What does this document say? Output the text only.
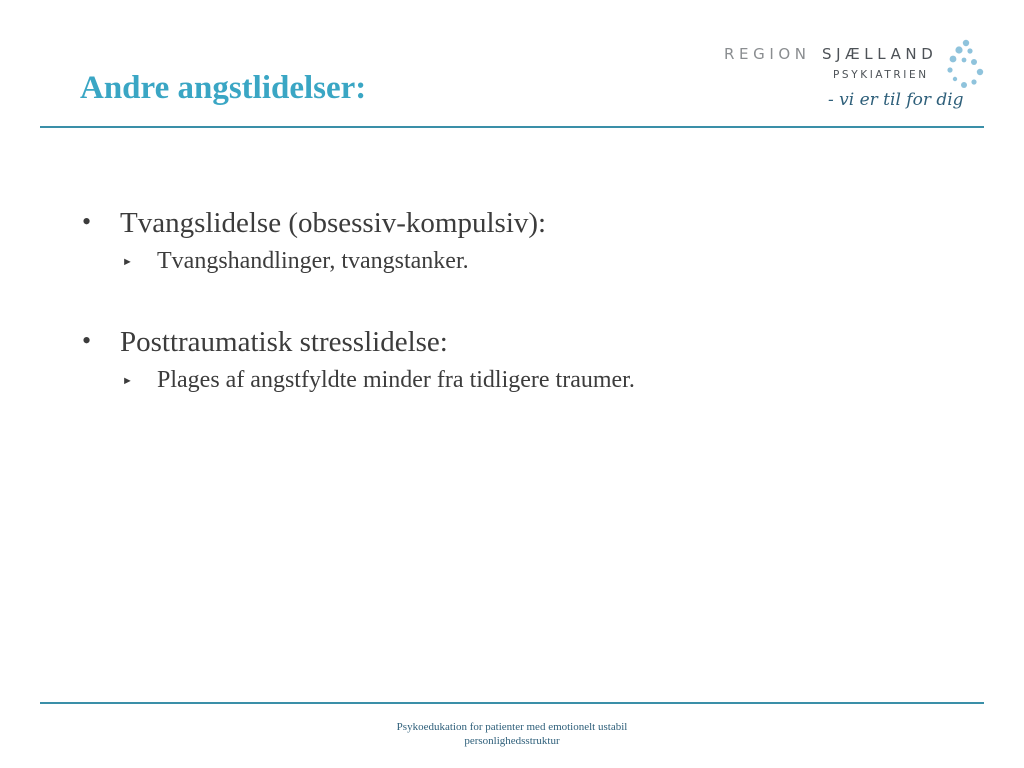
Andre angstlidelser:
REGION SJÆLLAND
PSYKIATRIEN
- vi er til for dig

• Tvangslidelse (obsessiv-kompulsiv):

► Tvangshandlinger, tvangstanker.

• Posttraumatisk stresslidelse:

► Plages af angstfyldte minder fra tidligere traumer.

Psykoedukation for patienter med emotionelt ustabil
personlighedsstruktur
